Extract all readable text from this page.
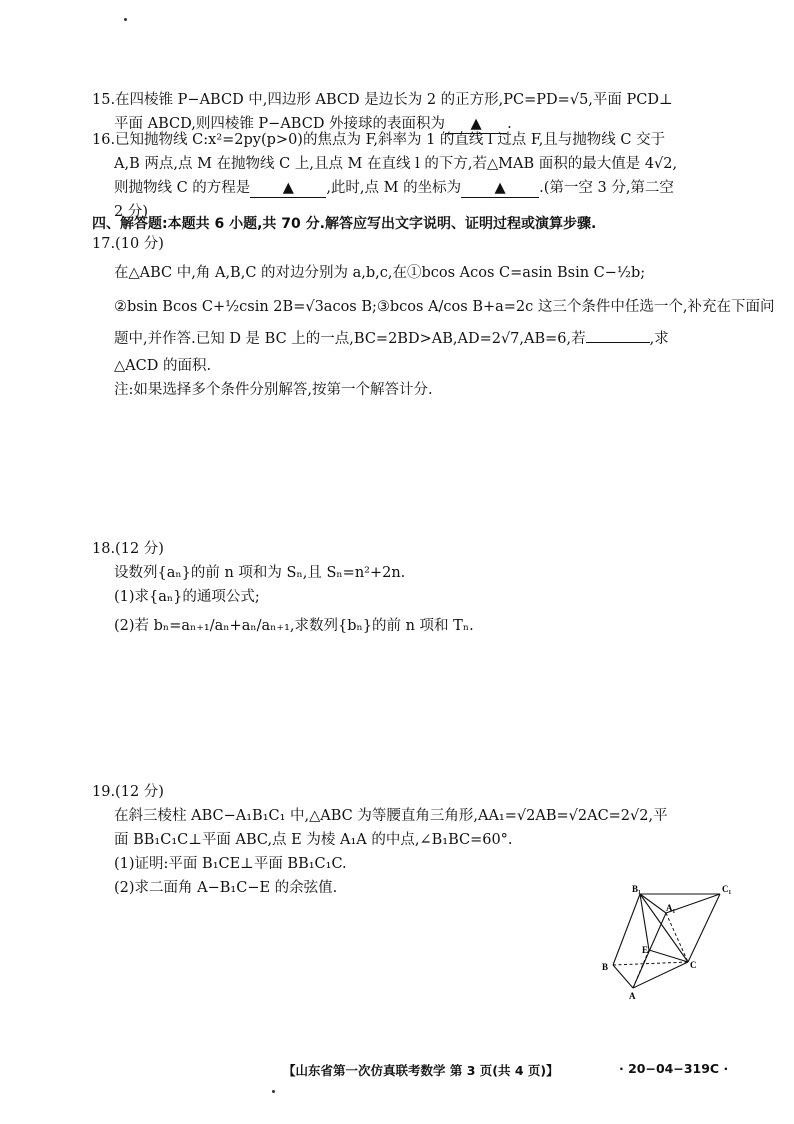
15.在四棱锥 P−ABCD 中,四边形 ABCD 是边长为 2 的正方形,PC=PD=√5,平面 PCD⊥
平面 ABCD,则四棱锥 P−ABCD 外接球的表面积为 ▲ .
16.已知抛物线 C:x²=2py(p>0)的焦点为 F,斜率为 1 的直线 l 过点 F,且与抛物线 C 交于
A,B 两点,点 M 在抛物线 C 上,且点 M 在直线 l 的下方,若△MAB 面积的最大值是 4√2,
则抛物线 C 的方程是 ▲ ,此时,点 M 的坐标为 ▲ .(第一空 3 分,第二空
2 分)
四、解答题:本题共 6 小题,共 70 分.解答应写出文字说明、证明过程或演算步骤.
17.(10 分)
在△ABC 中,角 A,B,C 的对边分别为 a,b,c,在①bcos Acos C=asin Bsin C−½b;
②bsin Bcos C+½csin 2B=√3acos B;③bcos A/cos B+a=2c 这三个条件中任选一个,补充在下面问
题中,并作答.已知 D 是 BC 上的一点,BC=2BD>AB,AD=2√7,AB=6,若	,求
△ACD 的面积.
注:如果选择多个条件分别解答,按第一个解答计分.
18.(12 分)
设数列{aₙ}的前 n 项和为 Sₙ,且 Sₙ=n²+2n.
(1)求{aₙ}的通项公式;
(2)若 bₙ=aₙ₊₁/aₙ+aₙ/aₙ₊₁,求数列{bₙ}的前 n 项和 Tₙ.
19.(12 分)
在斜三棱柱 ABC−A₁B₁C₁ 中,△ABC 为等腰直角三角形,AA₁=√2AB=√2AC=2√2,平
面 BB₁C₁C⊥平面 ABC,点 E 为棱 A₁A 的中点,∠B₁BC=60°.
(1)证明:平面 B₁CE⊥平面 BB₁C₁C.
(2)求二面角 A−B₁C−E 的余弦值.	B₁	C₁
A₁
E
B	C
A
【山东省第一次仿真联考数学 第 3 页(共 4 页)】	· 20−04−319C ·
